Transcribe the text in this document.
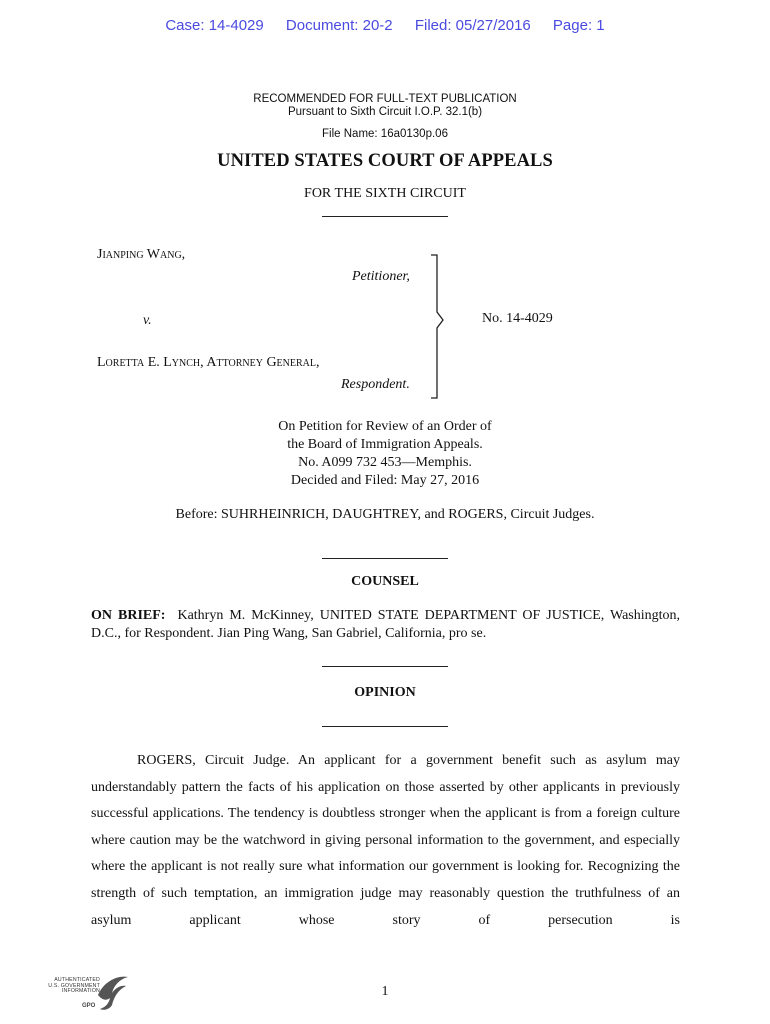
Case: 14-4029 Document: 20-2 Filed: 05/27/2016 Page: 1
RECOMMENDED FOR FULL-TEXT PUBLICATION
Pursuant to Sixth Circuit I.O.P. 32.1(b)
File Name: 16a0130p.06
UNITED STATES COURT OF APPEALS
FOR THE SIXTH CIRCUIT
Jianping Wang,
Petitioner,
v.
Loretta E. Lynch, Attorney General,
Respondent.
No. 14-4029
On Petition for Review of an Order of
the Board of Immigration Appeals.
No. A099 732 453—Memphis.
Decided and Filed: May 27, 2016
Before: SUHRHEINRICH, DAUGHTREY, and ROGERS, Circuit Judges.
COUNSEL
ON BRIEF: Kathryn M. McKinney, UNITED STATE DEPARTMENT OF JUSTICE, Washington, D.C., for Respondent. Jian Ping Wang, San Gabriel, California, pro se.
OPINION

ROGERS, Circuit Judge. An applicant for a government benefit such as asylum may understandably pattern the facts of his application on those asserted by other applicants in previously successful applications. The tendency is doubtless stronger when the applicant is from a foreign culture where caution may be the watchword in giving personal information to the government, and especially where the applicant is not really sure what information our government is looking for. Recognizing the strength of such temptation, an immigration judge may reasonably question the truthfulness of an asylum applicant whose story of persecution is

1
AUTHENTICATED
U.S. GOVERNMENT
INFORMATION
GPO
